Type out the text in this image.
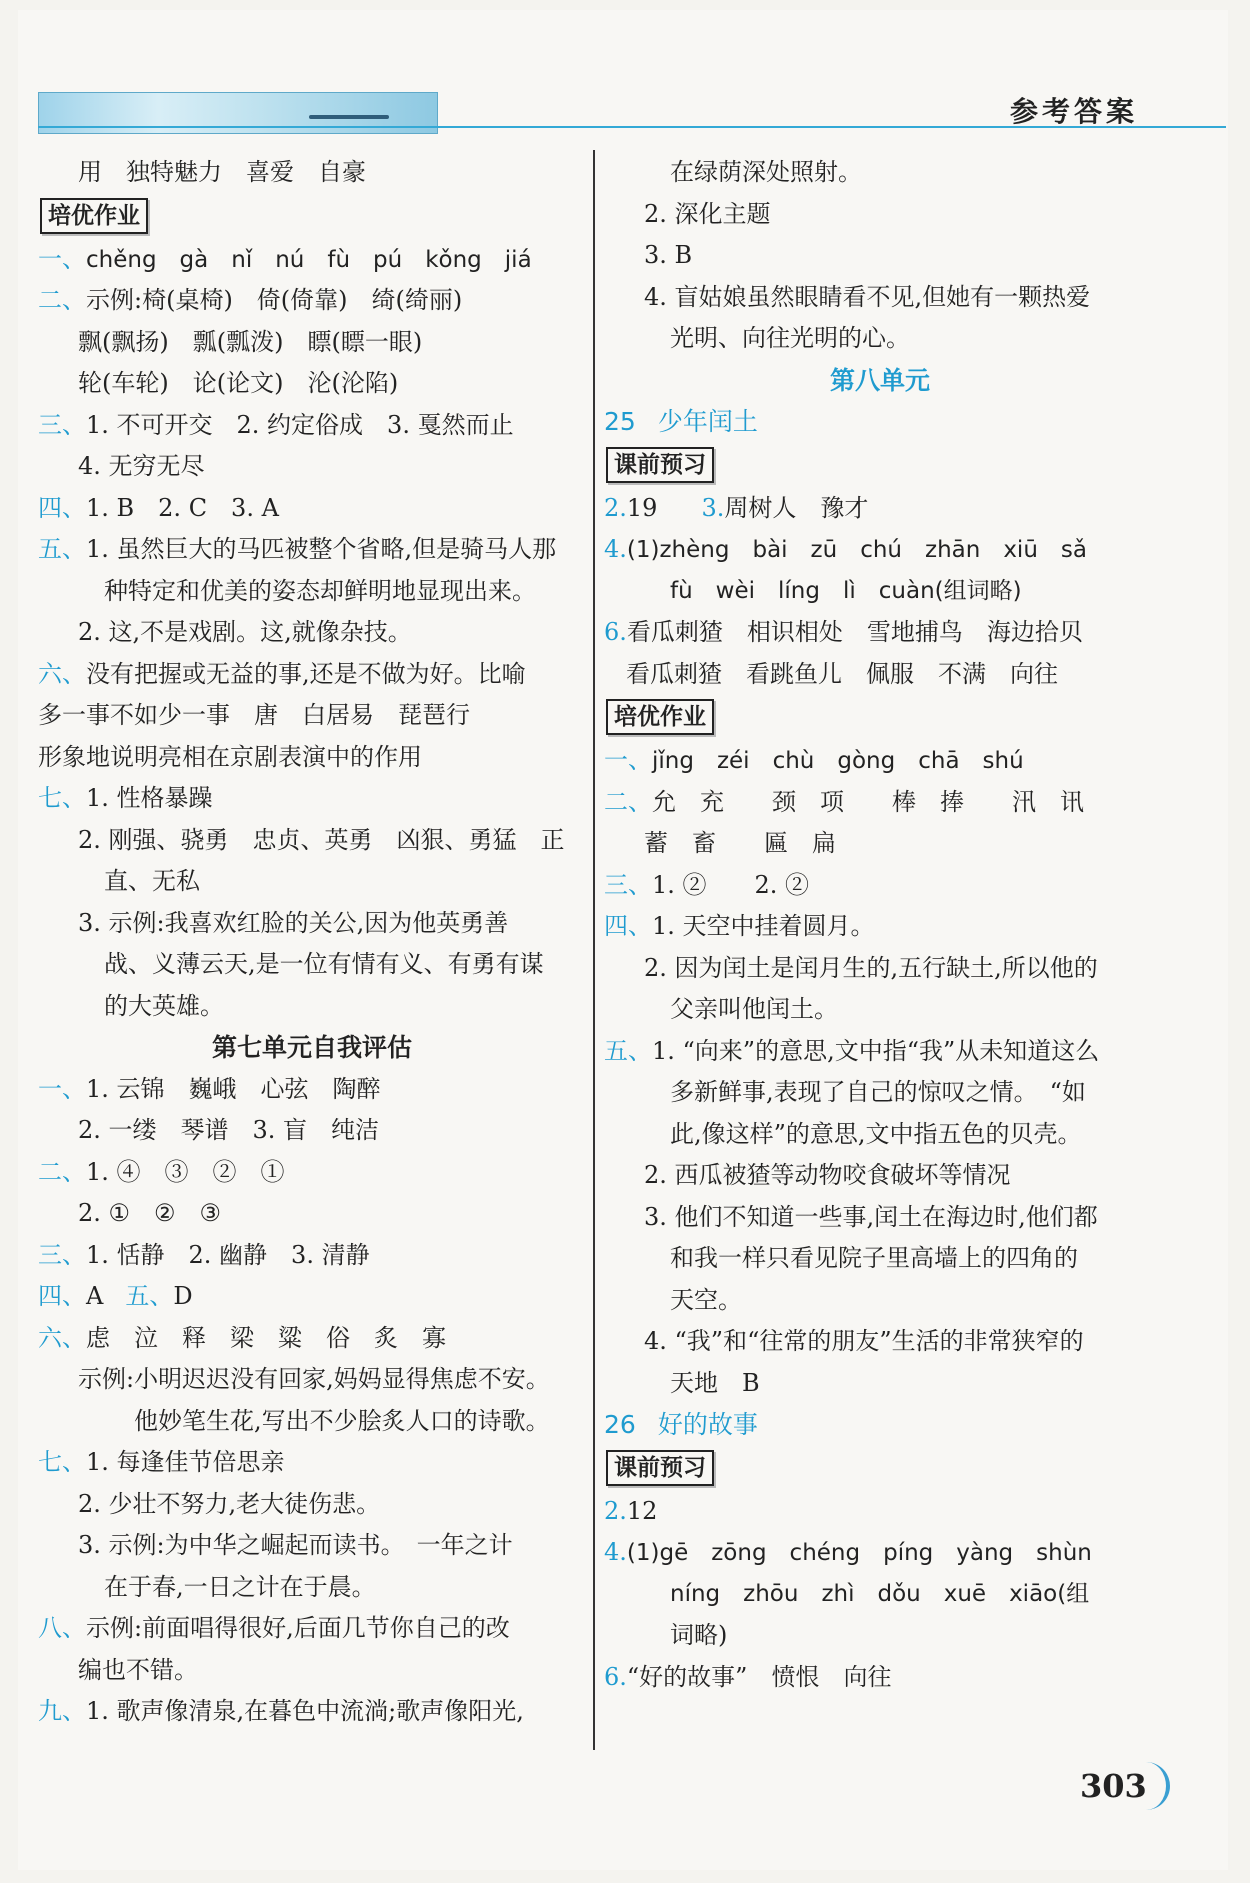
参考答案
用　独特魅力　喜爱　自豪
培优作业
一、chěng　gà　nǐ　nú　fù　pú　kǒng　jiá
二、示例:椅(桌椅)　倚(倚靠)　绮(绮丽)
飘(飘扬)　瓢(瓢泼)　瞟(瞟一眼)
轮(车轮)　论(论文)　沦(沦陷)
三、1. 不可开交　2. 约定俗成　3. 戛然而止
4. 无穷无尽
四、1. B　2. C　3. A
五、1. 虽然巨大的马匹被整个省略,但是骑马人那
种特定和优美的姿态却鲜明地显现出来。
2. 这,不是戏剧。这,就像杂技。
六、没有把握或无益的事,还是不做为好。比喻
多一事不如少一事　唐　白居易　琵琶行
形象地说明亮相在京剧表演中的作用
七、1. 性格暴躁
2. 刚强、骁勇　忠贞、英勇　凶狠、勇猛　正
直、无私
3. 示例:我喜欢红脸的关公,因为他英勇善
战、义薄云天,是一位有情有义、有勇有谋
的大英雄。
第七单元自我评估
一、1. 云锦　巍峨　心弦　陶醉
2. 一缕　琴谱　3. 盲　纯洁
二、1. ④　③　②　①
2. ①　②　③
三、1. 恬静　2. 幽静　3. 清静
四、A 五、D
六、虑　泣　释　梁　粱　俗　炙　寡
示例:小明迟迟没有回家,妈妈显得焦虑不安。
他妙笔生花,写出不少脍炙人口的诗歌。
七、1. 每逢佳节倍思亲
2. 少壮不努力,老大徒伤悲。
3. 示例:为中华之崛起而读书。　一年之计
在于春,一日之计在于晨。
八、示例:前面唱得很好,后面几节你自己的改
编也不错。
九、1. 歌声像清泉,在暮色中流淌;歌声像阳光,
在绿荫深处照射。
2. 深化主题
3. B
4. 盲姑娘虽然眼睛看不见,但她有一颗热爱
光明、向往光明的心。
第八单元
25 少年闰土
课前预习
2.19 3.周树人　豫才
4.(1)zhèng　bài　zū　chú　zhān　xiū　sǎ
fù　wèi　líng　lì　cuàn(组词略)
6.看瓜刺猹　相识相处　雪地捕鸟　海边拾贝
看瓜刺猹　看跳鱼儿　佩服　不满　向往
培优作业
一、jǐng　zéi　chù　gòng　chā　shú
二、允　充　　颈　项　　棒　捧　　汛　讯
蓄　畜　　匾　扁
三、1. ②　　2. ②
四、1. 天空中挂着圆月。
2. 因为闰土是闰月生的,五行缺土,所以他的
父亲叫他闰土。
五、1. “向来”的意思,文中指“我”从未知道这么
多新鲜事,表现了自己的惊叹之情。　“如
此,像这样”的意思,文中指五色的贝壳。
2. 西瓜被猹等动物咬食破坏等情况
3. 他们不知道一些事,闰土在海边时,他们都
和我一样只看见院子里高墙上的四角的
天空。
4. “我”和“往常的朋友”生活的非常狭窄的
天地　B
26 好的故事
课前预习
2.12
4.(1)gē　zōng　chéng　píng　yàng　shùn
níng　zhōu　zhì　dǒu　xuē　xiāo(组
词略)
6.“好的故事”　愤恨　向往
303
